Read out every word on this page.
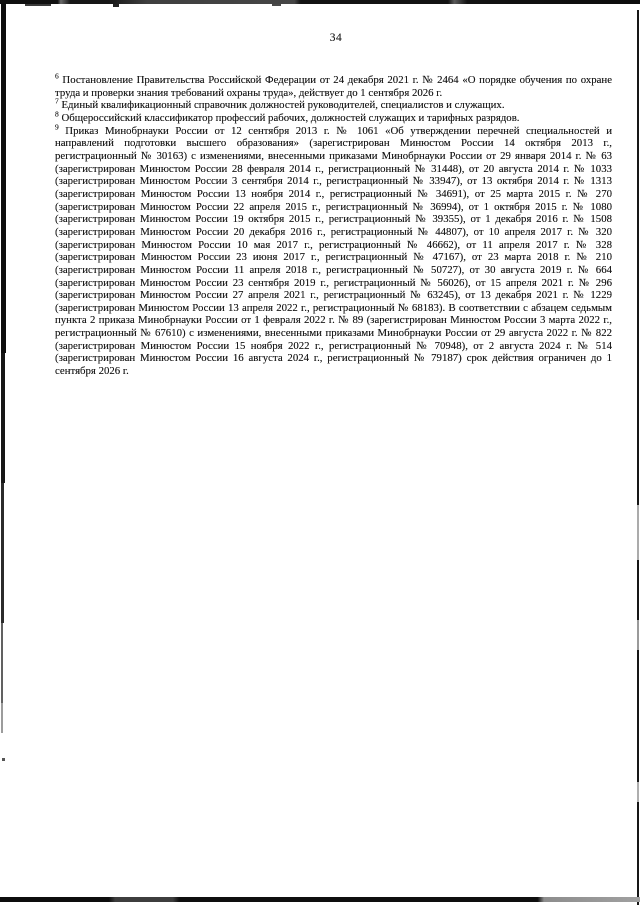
34

$^6$ Постановление Правительства Российской Федерации от 24 декабря 2021 г. № 2464 «О порядке обучения по охране труда и проверки знания требований охраны труда», действует до 1 сентября 2026 г.

$^7$ Единый квалификационный справочник должностей руководителей, специалистов и служащих.

$^8$ Общероссийский классификатор профессий рабочих, должностей служащих и тарифных разрядов.

$^9$ Приказ Минобрнауки России от 12 сентября 2013 г. № 1061 «Об утверждении перечней специальностей и направлений подготовки высшего образования» (зарегистрирован Минюстом России 14 октября 2013 г., регистрационный № 30163) с изменениями, внесенными приказами Минобрнауки России от 29 января 2014 г. № 63 (зарегистрирован Минюстом России 28 февраля 2014 г., регистрационный № 31448), от 20 августа 2014 г. № 1033 (зарегистрирован Минюстом России 3 сентября 2014 г., регистрационный № 33947), от 13 октября 2014 г. № 1313 (зарегистрирован Минюстом России 13 ноября 2014 г., регистрационный № 34691), от 25 марта 2015 г. № 270 (зарегистрирован Минюстом России 22 апреля 2015 г., регистрационный № 36994), от 1 октября 2015 г. № 1080 (зарегистрирован Минюстом России 19 октября 2015 г., регистрационный № 39355), от 1 декабря 2016 г. № 1508 (зарегистрирован Минюстом России 20 декабря 2016 г., регистрационный № 44807), от 10 апреля 2017 г. № 320 (зарегистрирован Минюстом России 10 мая 2017 г., регистрационный № 46662), от 11 апреля 2017 г. № 328 (зарегистрирован Минюстом России 23 июня 2017 г., регистрационный № 47167), от 23 марта 2018 г. № 210 (зарегистрирован Минюстом России 11 апреля 2018 г., регистрационный № 50727), от 30 августа 2019 г. № 664 (зарегистрирован Минюстом России 23 сентября 2019 г., регистрационный № 56026), от 15 апреля 2021 г. № 296 (зарегистрирован Минюстом России 27 апреля 2021 г., регистрационный № 63245), от 13 декабря 2021 г. № 1229 (зарегистрирован Минюстом России 13 апреля 2022 г., регистрационный № 68183). В соответствии с абзацем седьмым пункта 2 приказа Минобрнауки России от 1 февраля 2022 г. № 89 (зарегистрирован Минюстом России 3 марта 2022 г., регистрационный № 67610) с изменениями, внесенными приказами Минобрнауки России от 29 августа 2022 г. № 822 (зарегистрирован Минюстом России 15 ноября 2022 г., регистрационный № 70948), от 2 августа 2024 г. № 514 (зарегистрирован Минюстом России 16 августа 2024 г., регистрационный № 79187) срок действия ограничен до 1 сентября 2026 г.
